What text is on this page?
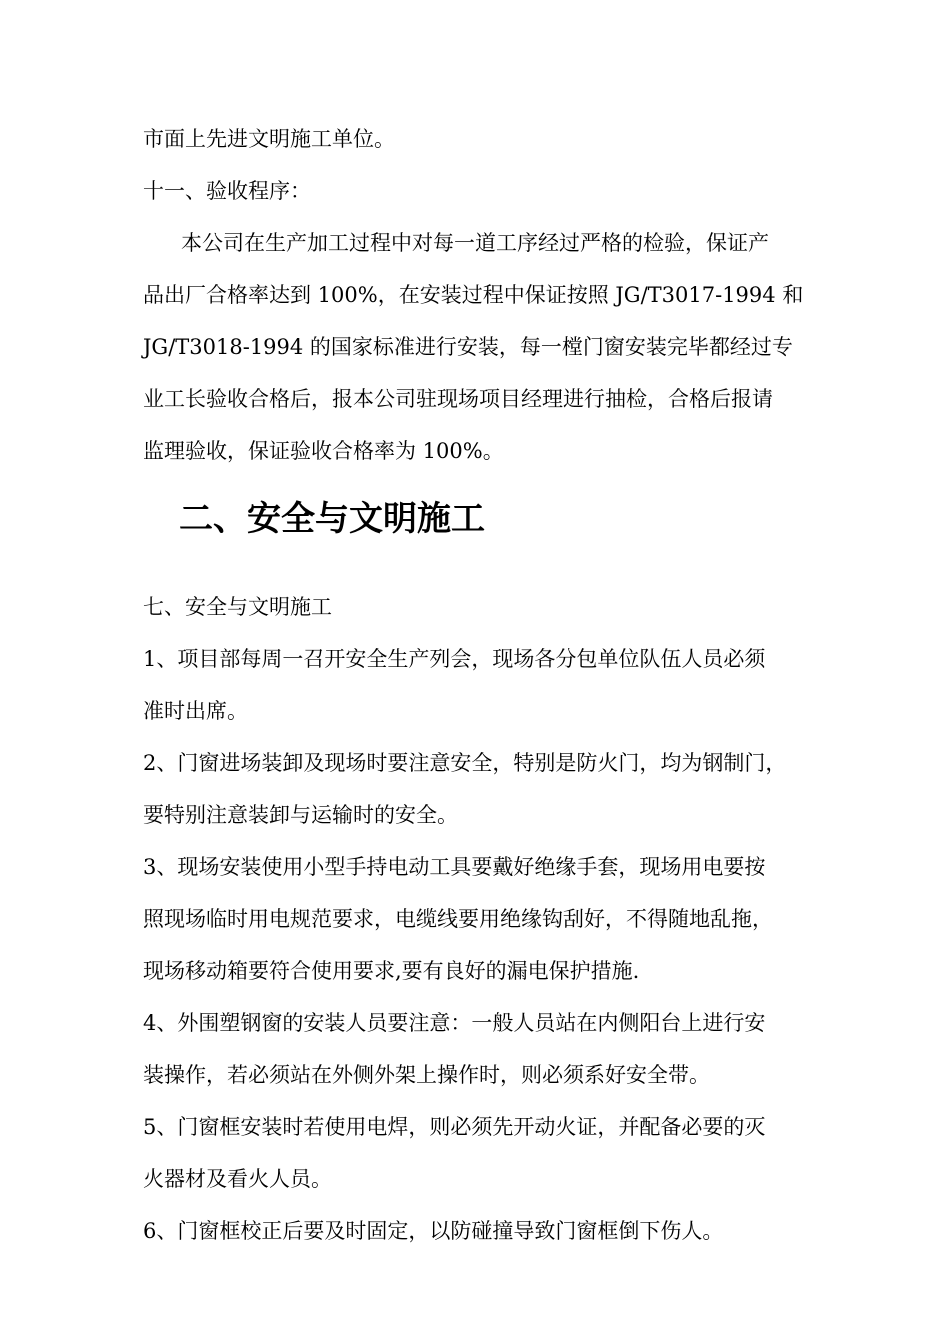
市面上先进文明施工单位。

十一、验收程序：

本公司在生产加工过程中对每一道工序经过严格的检验，保证产

品出厂合格率达到 100%，在安装过程中保证按照 JG/T3017-1994 和

JG/T3018-1994 的国家标准进行安装，每一樘门窗安装完毕都经过专

业工长验收合格后，报本公司驻现场项目经理进行抽检，合格后报请

监理验收，保证验收合格率为 100%。

二、安全与文明施工

七、安全与文明施工

1、项目部每周一召开安全生产列会，现场各分包单位队伍人员必须

准时出席。

2、门窗进场装卸及现场时要注意安全，特别是防火门，均为钢制门，

要特别注意装卸与运输时的安全。

3、现场安装使用小型手持电动工具要戴好绝缘手套，现场用电要按

照现场临时用电规范要求，电缆线要用绝缘钩刮好，不得随地乱拖，

现场移动箱要符合使用要求,要有良好的漏电保护措施.

4、外围塑钢窗的安装人员要注意：一般人员站在内侧阳台上进行安

装操作，若必须站在外侧外架上操作时，则必须系好安全带。

5、门窗框安装时若使用电焊，则必须先开动火证，并配备必要的灭

火器材及看火人员。

6、门窗框校正后要及时固定，以防碰撞导致门窗框倒下伤人。
